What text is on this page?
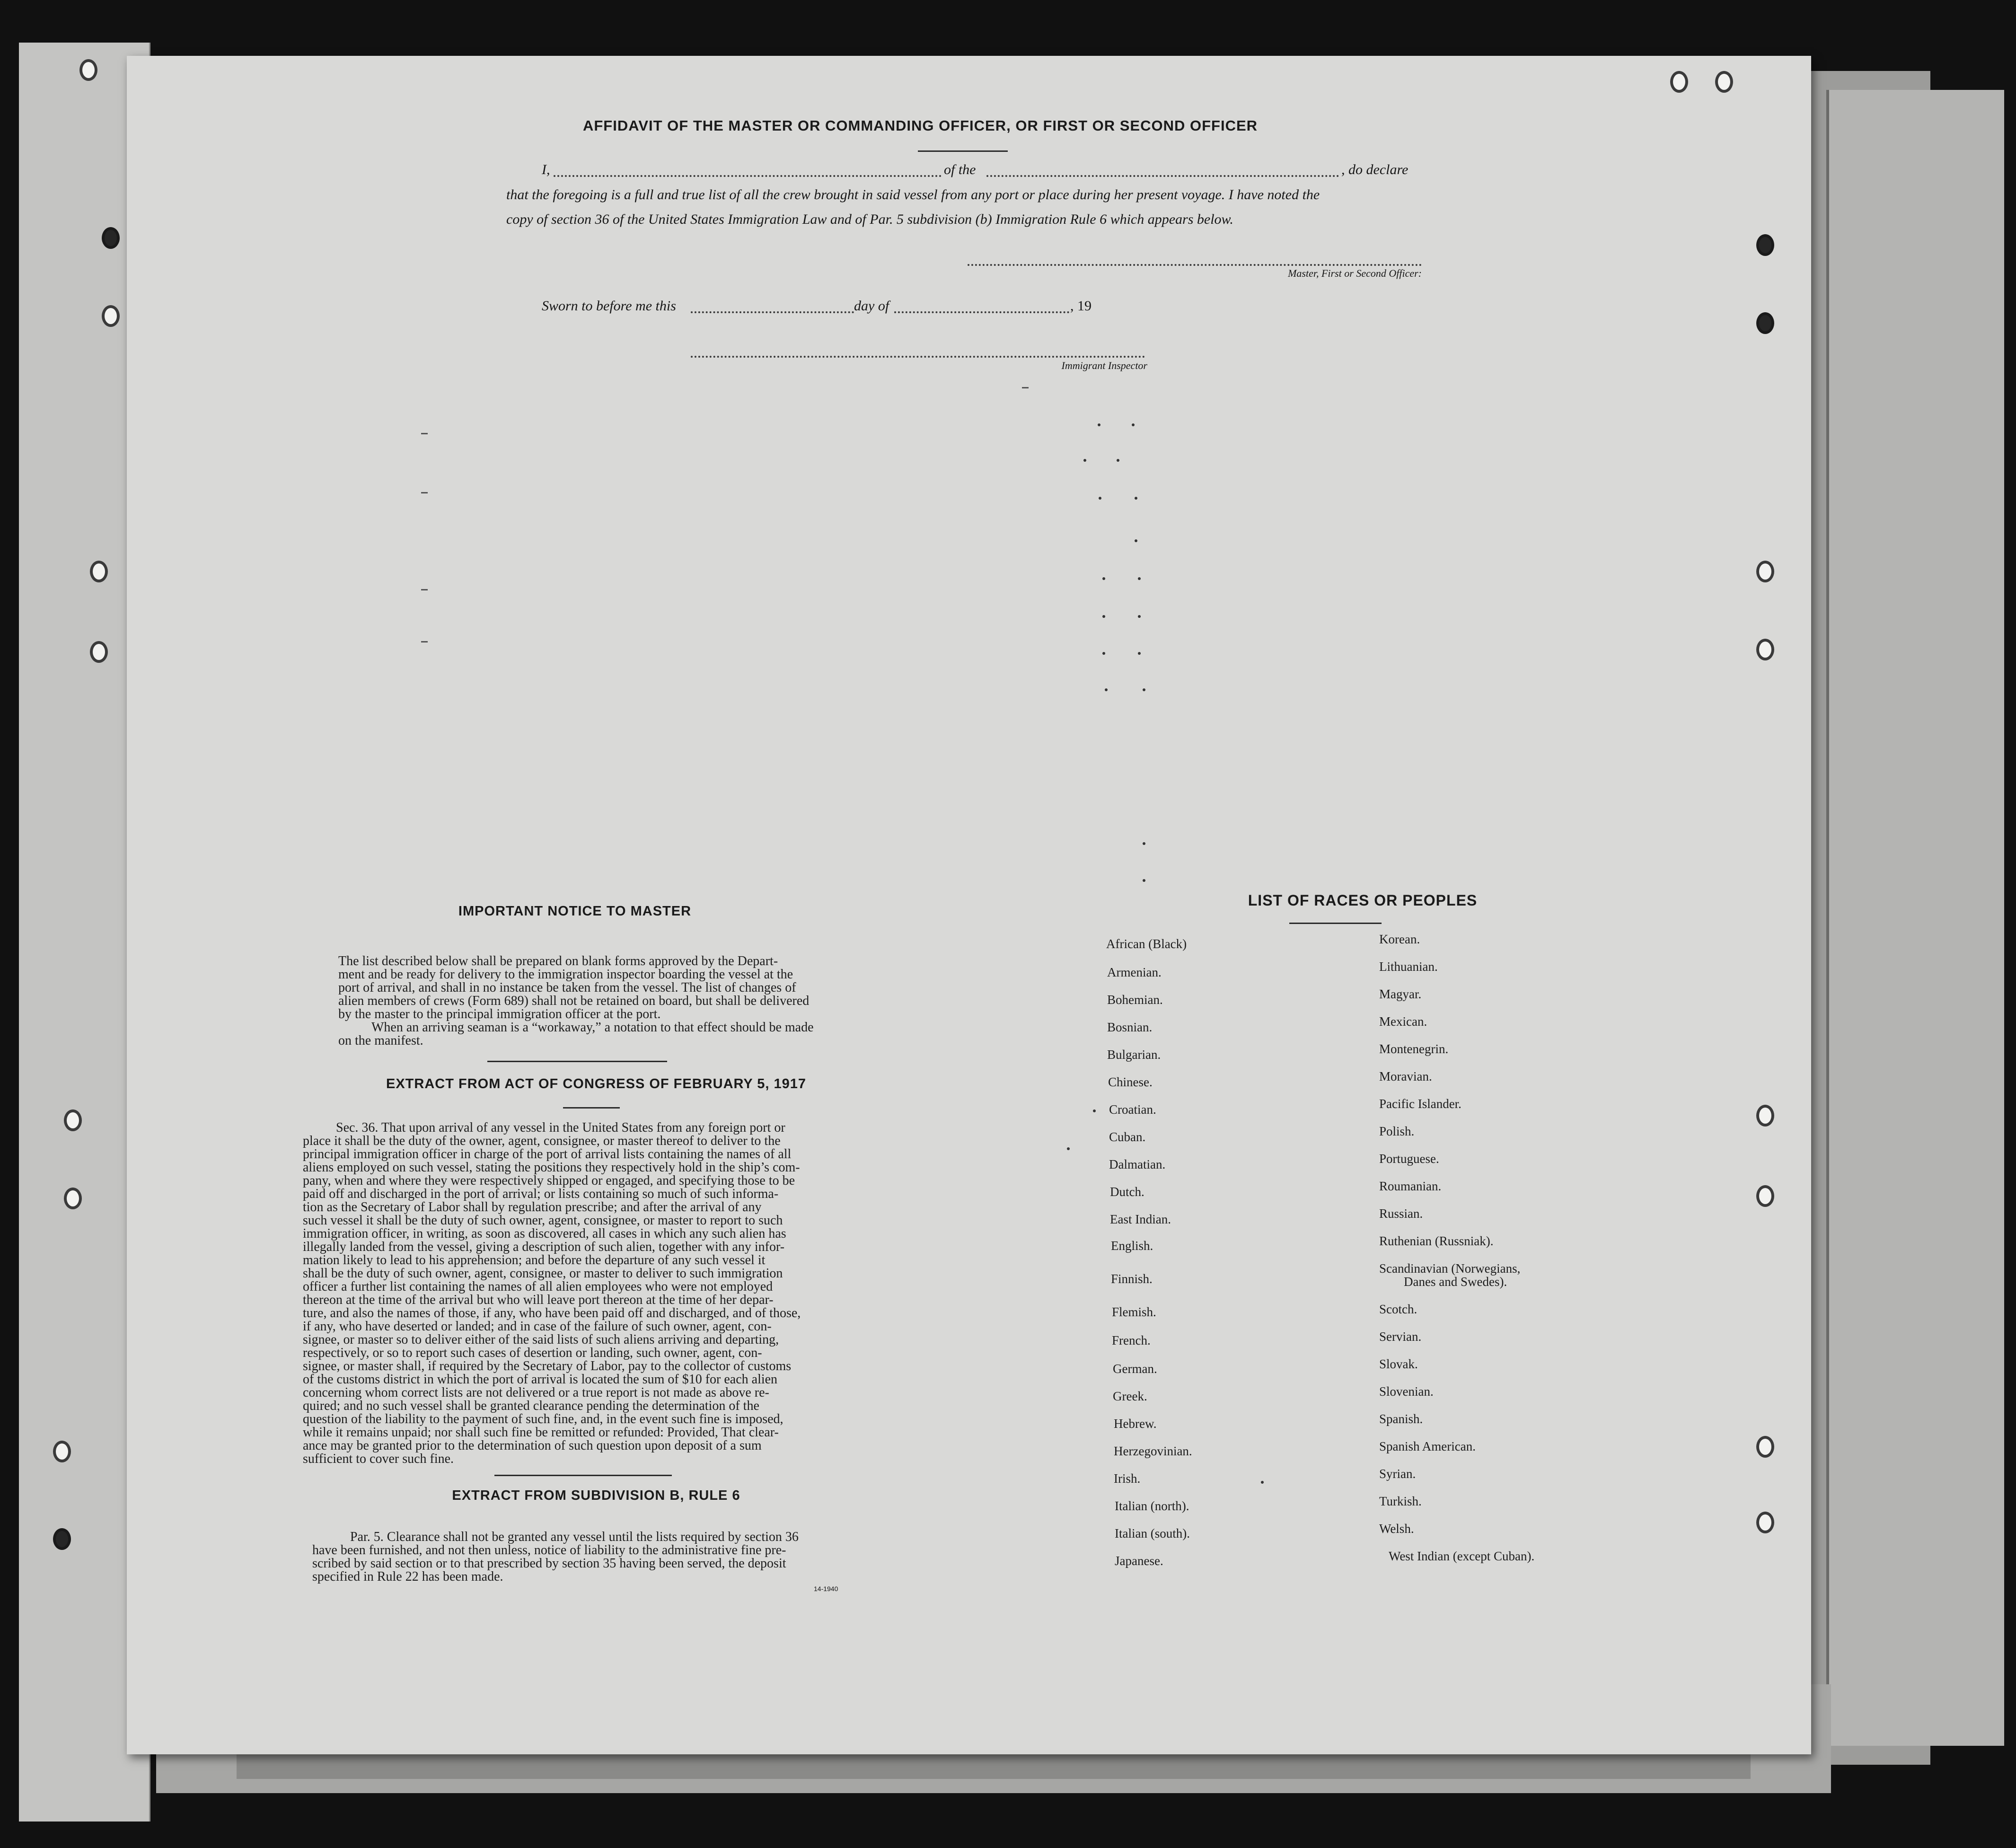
AFFIDAVIT OF THE MASTER OR COMMANDING OFFICER, OR FIRST OR SECOND OFFICER
I,	of the	, do declare
that the foregoing is a full and true list of all the crew brought in said vessel from any port or place during her present voyage. I have noted the
copy of section 36 of the United States Immigration Law and of Par. 5 subdivision (b) Immigration Rule 6 which appears below.
Master, First or Second Officer:
Sworn to before me this	day of	, 19
Immigrant Inspector
IMPORTANT NOTICE TO MASTER
The list described below shall be prepared on blank forms approved by the Depart-
ment and be ready for delivery to the immigration inspector boarding the vessel at the
port of arrival, and shall in no instance be taken from the vessel. The list of changes of
alien members of crews (Form 689) shall not be retained on board, but shall be delivered
by the master to the principal immigration officer at the port.
When an arriving seaman is a “workaway,” a notation to that effect should be made
on the manifest.
EXTRACT FROM ACT OF CONGRESS OF FEBRUARY 5, 1917
Sec. 36. That upon arrival of any vessel in the United States from any foreign port or
place it shall be the duty of the owner, agent, consignee, or master thereof to deliver to the
principal immigration officer in charge of the port of arrival lists containing the names of all
aliens employed on such vessel, stating the positions they respectively hold in the ship’s com-
pany, when and where they were respectively shipped or engaged, and specifying those to be
paid off and discharged in the port of arrival; or lists containing so much of such informa-
tion as the Secretary of Labor shall by regulation prescribe; and after the arrival of any
such vessel it shall be the duty of such owner, agent, consignee, or master to report to such
immigration officer, in writing, as soon as discovered, all cases in which any such alien has
illegally landed from the vessel, giving a description of such alien, together with any infor-
mation likely to lead to his apprehension; and before the departure of any such vessel it
shall be the duty of such owner, agent, consignee, or master to deliver to such immigration
officer a further list containing the names of all alien employees who were not employed
thereon at the time of the arrival but who will leave port thereon at the time of her depar-
ture, and also the names of those, if any, who have been paid off and discharged, and of those,
if any, who have deserted or landed; and in case of the failure of such owner, agent, con-
signee, or master so to deliver either of the said lists of such aliens arriving and departing,
respectively, or so to report such cases of desertion or landing, such owner, agent, con-
signee, or master shall, if required by the Secretary of Labor, pay to the collector of customs
of the customs district in which the port of arrival is located the sum of $10 for each alien
concerning whom correct lists are not delivered or a true report is not made as above re-
quired; and no such vessel shall be granted clearance pending the determination of the
question of the liability to the payment of such fine, and, in the event such fine is imposed,
while it remains unpaid; nor shall such fine be remitted or refunded: Provided, That clear-
ance may be granted prior to the determination of such question upon deposit of a sum
sufficient to cover such fine.
EXTRACT FROM SUBDIVISION B, RULE 6
Par. 5. Clearance shall not be granted any vessel until the lists required by section 36
have been furnished, and not then unless, notice of liability to the administrative fine pre-
scribed by said section or to that prescribed by section 35 having been served, the deposit
specified in Rule 22 has been made.
14-1940
LIST OF RACES OR PEOPLES
African (Black)
Armenian.
Bohemian.
Bosnian.
Bulgarian.
Chinese.
Croatian.
Cuban.
Dalmatian.
Dutch.
East Indian.
English.
Finnish.
Flemish.
French.
German.
Greek.
Hebrew.
Herzegovinian.
Irish.
Italian (north).
Italian (south).
Japanese.
Korean.
Lithuanian.
Magyar.
Mexican.
Montenegrin.
Moravian.
Pacific Islander.
Polish.
Portuguese.
Roumanian.
Russian.
Ruthenian (Russniak).
Scandinavian (Norwegians,
Danes and Swedes).
Scotch.
Servian.
Slovak.
Slovenian.
Spanish.
Spanish American.
Syrian.
Turkish.
Welsh.
West Indian (except Cuban).
